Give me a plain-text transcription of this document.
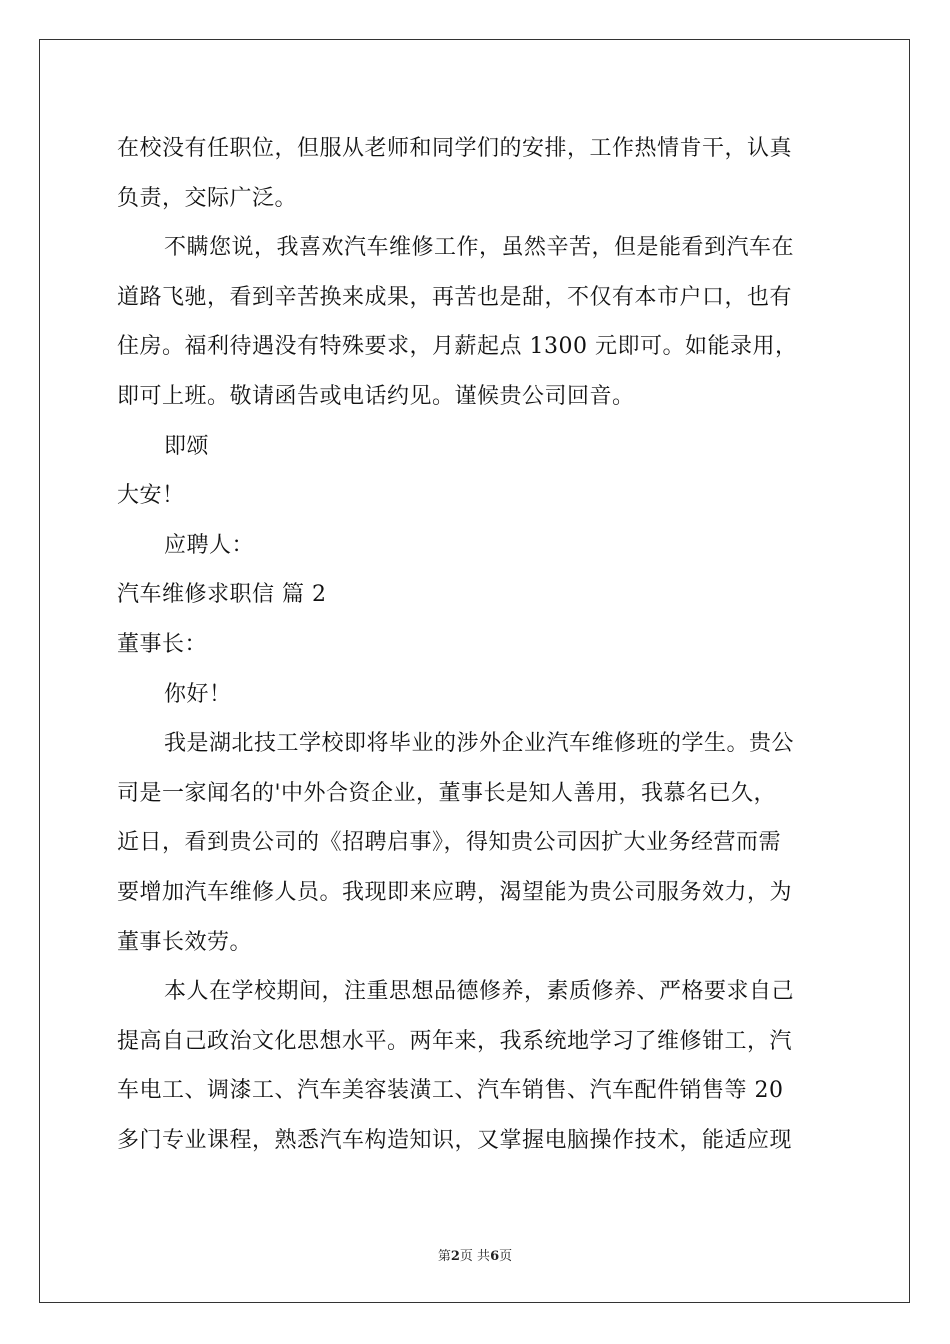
在校没有任职位，但服从老师和同学们的安排，工作热情肯干，认真
负责，交际广泛。
不瞒您说，我喜欢汽车维修工作，虽然辛苦，但是能看到汽车在
道路飞驰，看到辛苦换来成果，再苦也是甜，不仅有本市户口，也有
住房。福利待遇没有特殊要求，月薪起点 1300 元即可。如能录用，
即可上班。敬请函告或电话约见。谨候贵公司回音。
即颂
大安！
应聘人：
汽车维修求职信 篇 2
董事长：
你好！
我是湖北技工学校即将毕业的涉外企业汽车维修班的学生。贵公
司是一家闻名的'中外合资企业，董事长是知人善用，我慕名已久，
近日，看到贵公司的《招聘启事》，得知贵公司因扩大业务经营而需
要增加汽车维修人员。我现即来应聘，渴望能为贵公司服务效力，为
董事长效劳。
本人在学校期间，注重思想品德修养，素质修养、严格要求自己
提高自己政治文化思想水平。两年来，我系统地学习了维修钳工，汽
车电工、调漆工、汽车美容装潢工、汽车销售、汽车配件销售等 20
多门专业课程，熟悉汽车构造知识，又掌握电脑操作技术，能适应现
第2页 共6页
